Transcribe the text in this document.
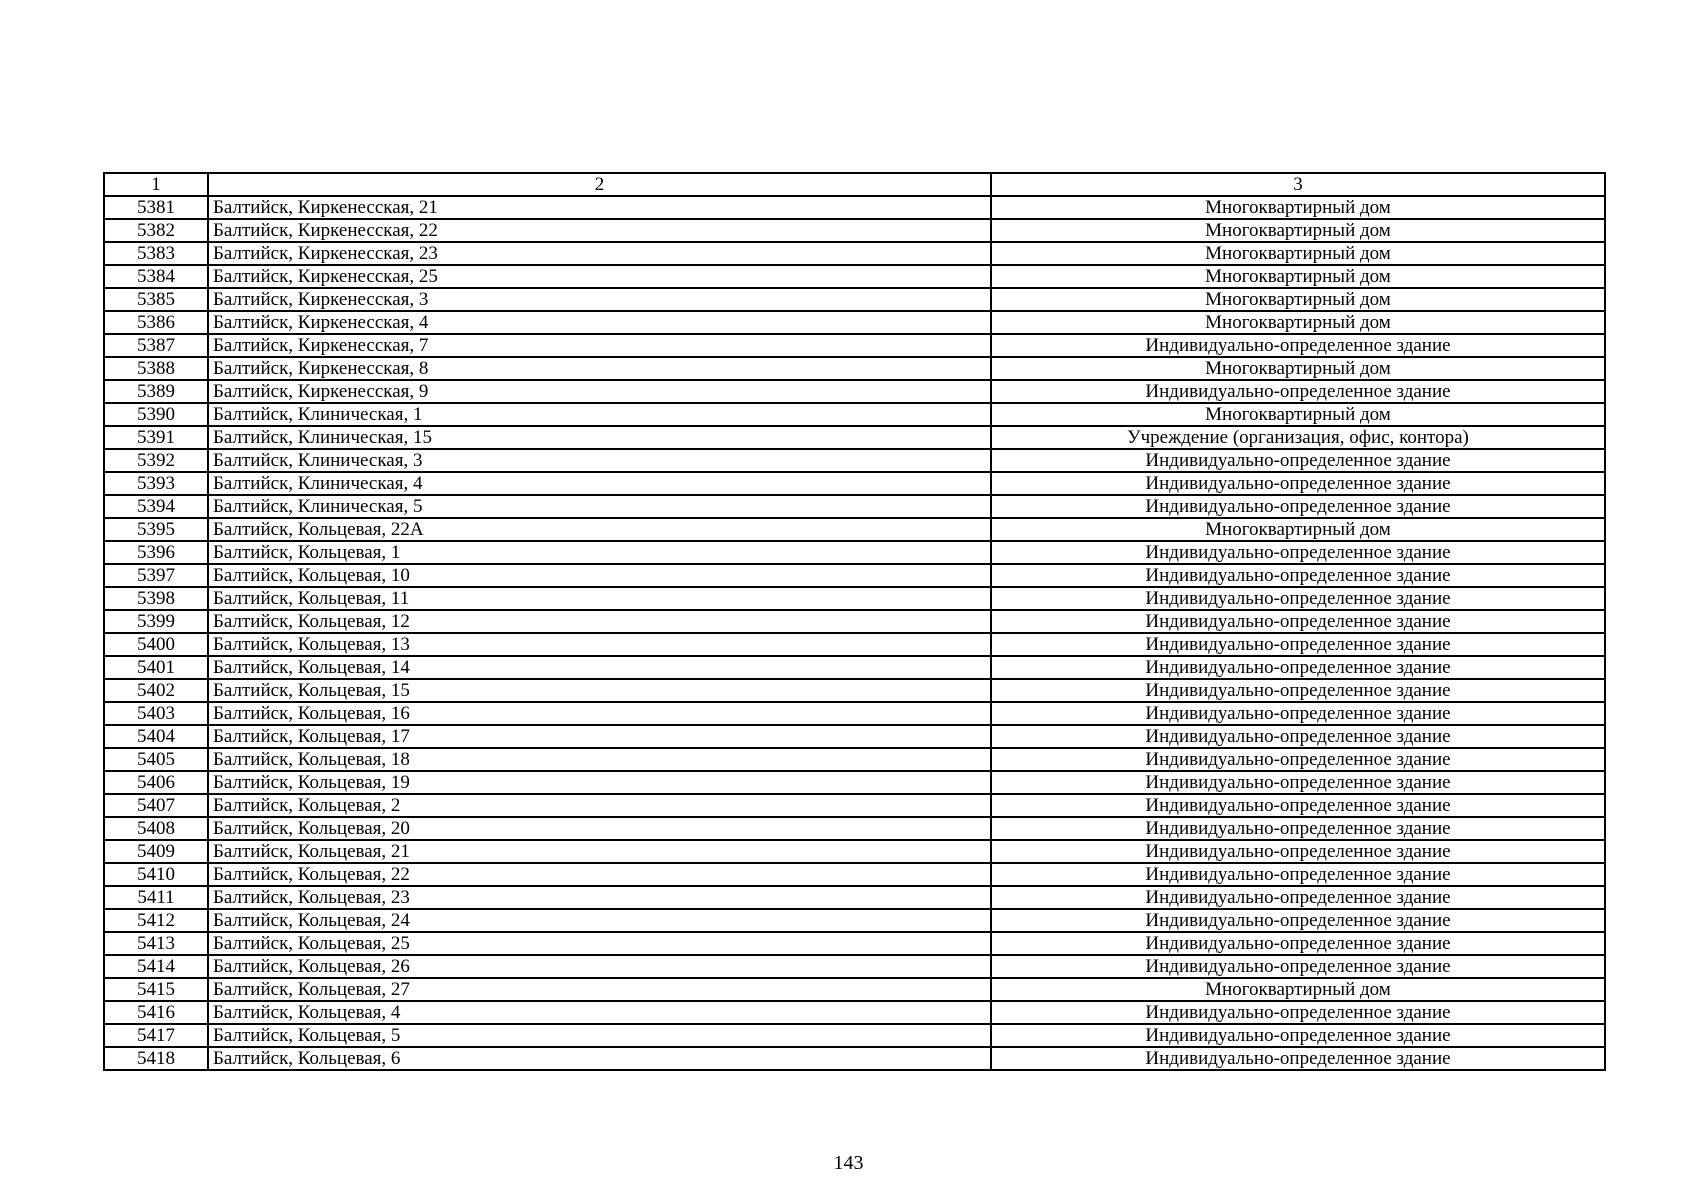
1	2	3
5381	Балтийск, Киркенесская, 21	Многоквартирный дом
5382	Балтийск, Киркенесская, 22	Многоквартирный дом
5383	Балтийск, Киркенесская, 23	Многоквартирный дом
5384	Балтийск, Киркенесская, 25	Многоквартирный дом
5385	Балтийск, Киркенесская, 3	Многоквартирный дом
5386	Балтийск, Киркенесская, 4	Многоквартирный дом
5387	Балтийск, Киркенесская, 7	Индивидуально-определенное здание
5388	Балтийск, Киркенесская, 8	Многоквартирный дом
5389	Балтийск, Киркенесская, 9	Индивидуально-определенное здание
5390	Балтийск, Клиническая, 1	Многоквартирный дом
5391	Балтийск, Клиническая, 15	Учреждение (организация, офис, контора)
5392	Балтийск, Клиническая, 3	Индивидуально-определенное здание
5393	Балтийск, Клиническая, 4	Индивидуально-определенное здание
5394	Балтийск, Клиническая, 5	Индивидуально-определенное здание
5395	Балтийск, Кольцевая, 22А	Многоквартирный дом
5396	Балтийск, Кольцевая, 1	Индивидуально-определенное здание
5397	Балтийск, Кольцевая, 10	Индивидуально-определенное здание
5398	Балтийск, Кольцевая, 11	Индивидуально-определенное здание
5399	Балтийск, Кольцевая, 12	Индивидуально-определенное здание
5400	Балтийск, Кольцевая, 13	Индивидуально-определенное здание
5401	Балтийск, Кольцевая, 14	Индивидуально-определенное здание
5402	Балтийск, Кольцевая, 15	Индивидуально-определенное здание
5403	Балтийск, Кольцевая, 16	Индивидуально-определенное здание
5404	Балтийск, Кольцевая, 17	Индивидуально-определенное здание
5405	Балтийск, Кольцевая, 18	Индивидуально-определенное здание
5406	Балтийск, Кольцевая, 19	Индивидуально-определенное здание
5407	Балтийск, Кольцевая, 2	Индивидуально-определенное здание
5408	Балтийск, Кольцевая, 20	Индивидуально-определенное здание
5409	Балтийск, Кольцевая, 21	Индивидуально-определенное здание
5410	Балтийск, Кольцевая, 22	Индивидуально-определенное здание
5411	Балтийск, Кольцевая, 23	Индивидуально-определенное здание
5412	Балтийск, Кольцевая, 24	Индивидуально-определенное здание
5413	Балтийск, Кольцевая, 25	Индивидуально-определенное здание
5414	Балтийск, Кольцевая, 26	Индивидуально-определенное здание
5415	Балтийск, Кольцевая, 27	Многоквартирный дом
5416	Балтийск, Кольцевая, 4	Индивидуально-определенное здание
5417	Балтийск, Кольцевая, 5	Индивидуально-определенное здание
5418	Балтийск, Кольцевая, 6	Индивидуально-определенное здание
143
